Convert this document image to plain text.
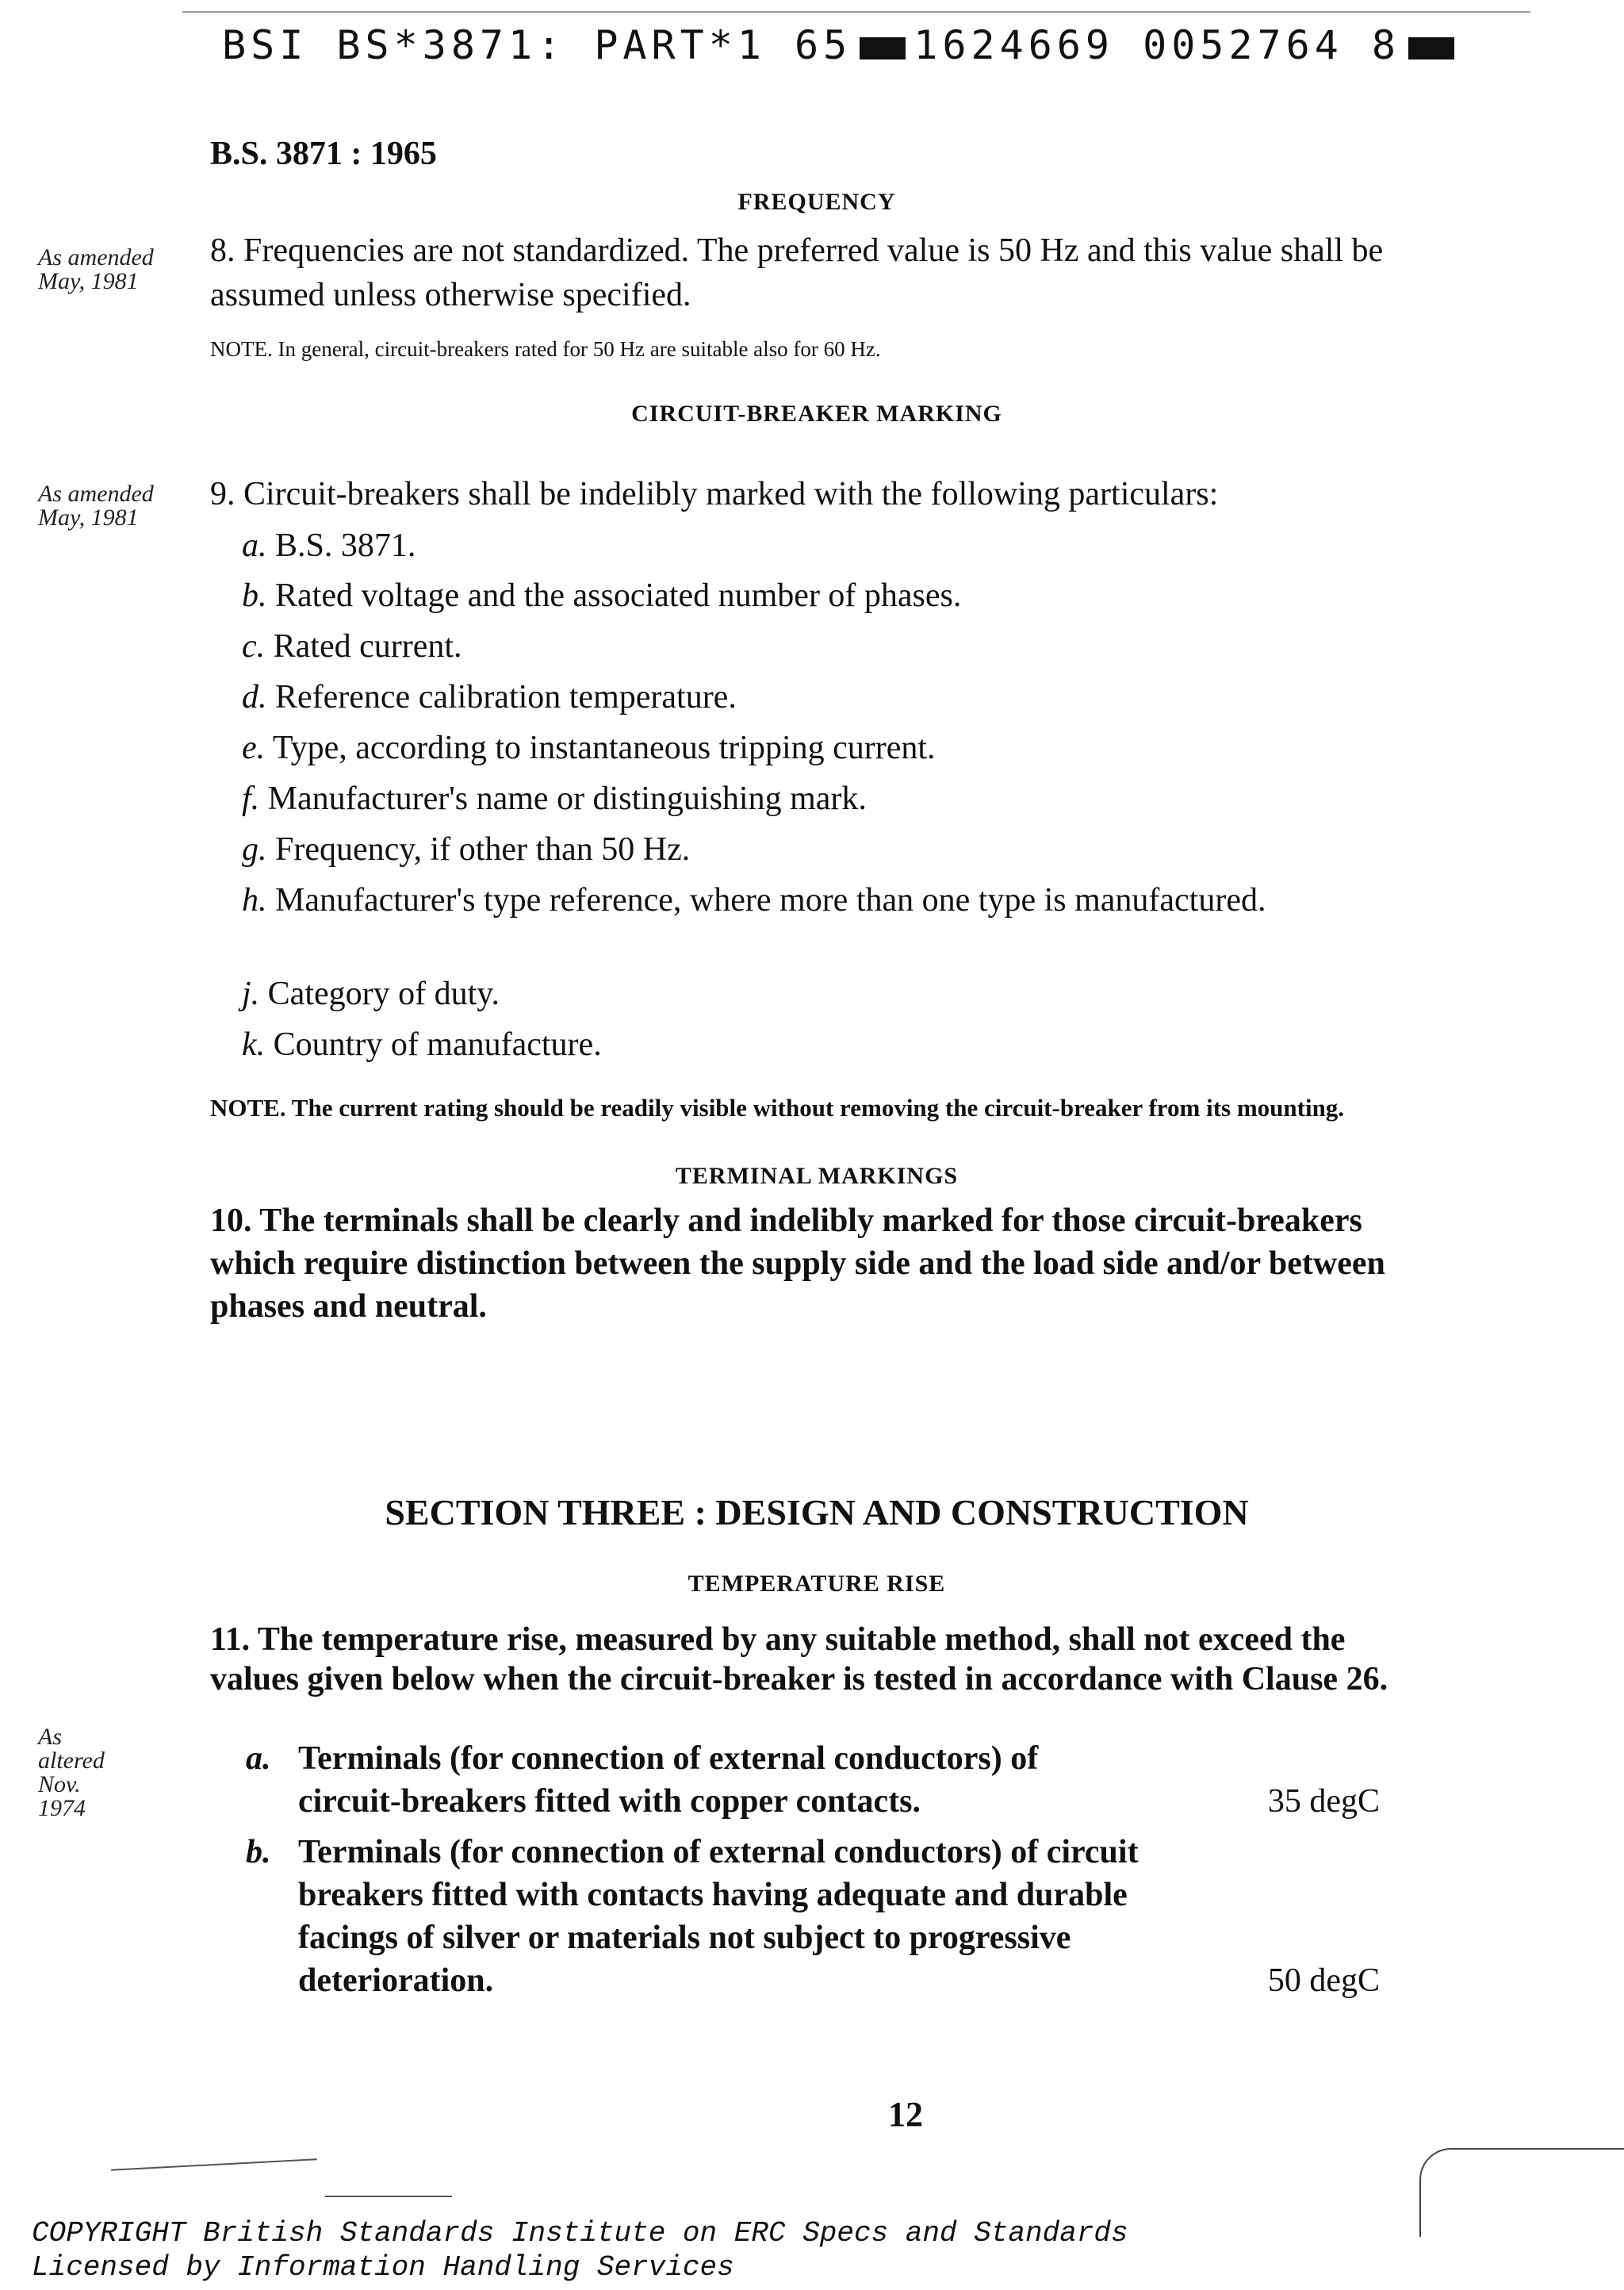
BSI BS*3871: PART*1 65 1624669 0052764 8
B.S. 3871 : 1965
FREQUENCY
As amended May, 1981
8. Frequencies are not standardized. The preferred value is 50 Hz and this value shall be assumed unless otherwise specified.
NOTE. In general, circuit-breakers rated for 50 Hz are suitable also for 60 Hz.
CIRCUIT-BREAKER MARKING
As amended May, 1981
9. Circuit-breakers shall be indelibly marked with the following particulars:
a. B.S. 3871.
b. Rated voltage and the associated number of phases.
c. Rated current.
d. Reference calibration temperature.
e. Type, according to instantaneous tripping current.
f. Manufacturer's name or distinguishing mark.
g. Frequency, if other than 50 Hz.
h. Manufacturer's type reference, where more than one type is manufactured.
j. Category of duty.
k. Country of manufacture.
NOTE. The current rating should be readily visible without removing the circuit-breaker from its mounting.
TERMINAL MARKINGS
10. The terminals shall be clearly and indelibly marked for those circuit-breakers which require distinction between the supply side and the load side and/or between phases and neutral.
SECTION THREE : DESIGN AND CONSTRUCTION
TEMPERATURE RISE
11. The temperature rise, measured by any suitable method, shall not exceed the values given below when the circuit-breaker is tested in accordance with Clause 26.
As altered Nov. 1974
a. Terminals (for connection of external conductors) of circuit-breakers fitted with copper contacts.	35 degC
b. Terminals (for connection of external conductors) of circuit breakers fitted with contacts having adequate and durable facings of silver or materials not subject to progressive deterioration.	50 degC
12
COPYRIGHT British Standards Institute on ERC Specs and Standards
Licensed by Information Handling Services
